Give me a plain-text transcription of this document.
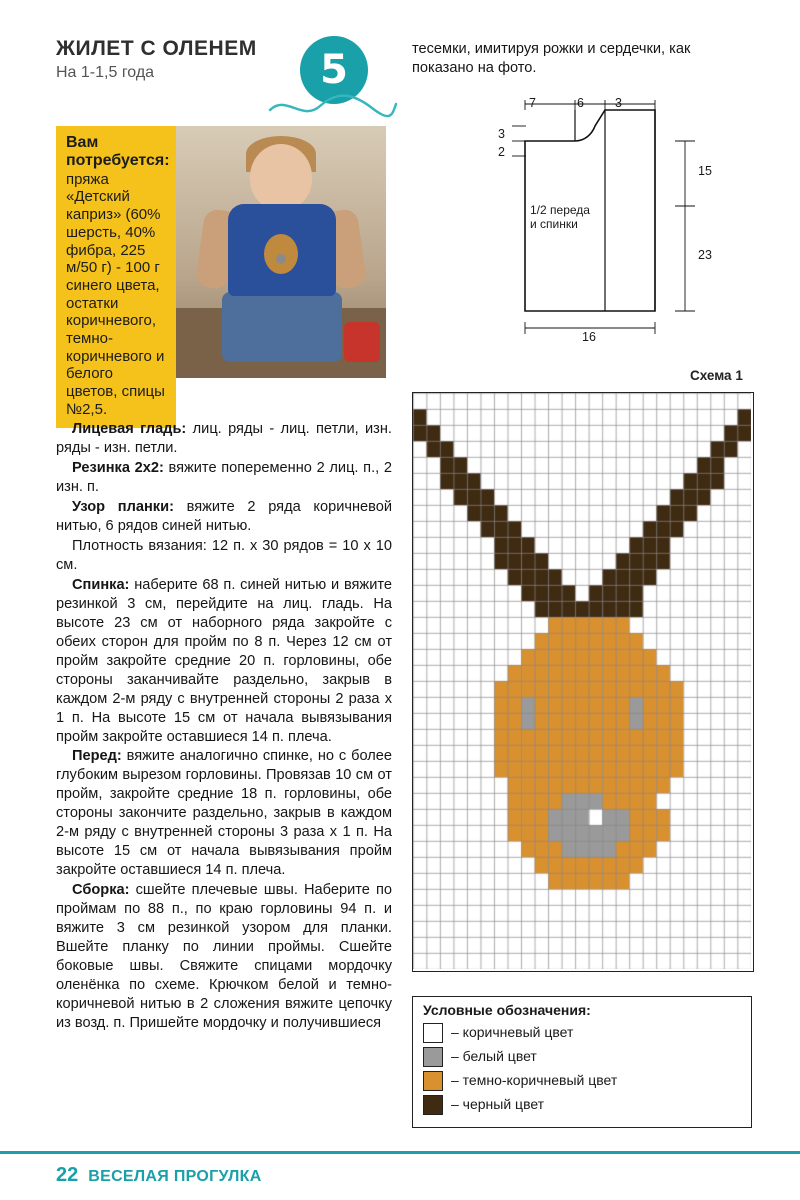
ЖИЛЕТ С ОЛЕНЕМ
На 1-1,5 года	5
Вам потребуется:
пряжа «Детский каприз» (60% шерсть, 40% фибра, 225 м/50 г) - 100 г синего цвета, остатки коричневого, темно-коричневого и белого цветов, спицы №2,5.

Лицевая гладь: лиц. ряды - лиц. петли, изн. ряды - изн. петли.

Резинка 2х2: вяжите попеременно 2 лиц. п., 2 изн. п.

Узор планки: вяжите 2 ряда коричневой нитью, 6 рядов синей нитью.

Плотность вязания: 12 п. х 30 рядов = 10 х 10 см.

Спинка: наберите 68 п. синей нитью и вяжите резинкой 3 см, перейдите на лиц. гладь. На высоте 23 см от наборного ряда закройте с обеих сторон для пройм по 8 п. Через 12 см от пройм закройте средние 20 п. горловины, обе стороны заканчивайте раздельно, закрыв в каждом 2-м ряду с внутренней стороны 2 раза х 1 п. На высоте 15 см от начала вывязывания пройм закройте оставшиеся 14 п. плеча.

Перед: вяжите аналогично спинке, но с более глубоким вырезом горловины. Провязав 10 см от пройм, закройте средние 18 п. горловины, обе стороны закончите раздельно, закрыв в каждом 2-м ряду с внутренней стороны 3 раза х 1 п. На высоте 15 см от начала вывязывания пройм закройте оставшиеся 14 п. плеча.

Сборка: сшейте плечевые швы. Наберите по проймам по 88 п., по краю горловины 94 п. и вяжите 3 см резинкой узором для планки. Вшейте планку по линии проймы. Сшейте боковые швы. Свяжите спицами мордочку оленёнка по схеме. Крючком белой и темно-коричневой нитью в 2 сложения вяжите цепочку из возд. п. Пришейте мордочку и получившиеся

тесемки, имитируя рожки и сердечки, как показано на фото.

7	6 3
3
2
15
23
16
1/2 переда и спинки
Схема 1
Условные обозначения:
– коричневый цвет
– белый цвет
– темно-коричневый цвет
– черный цвет
22 ВЕСЕЛАЯ ПРОГУЛКА
